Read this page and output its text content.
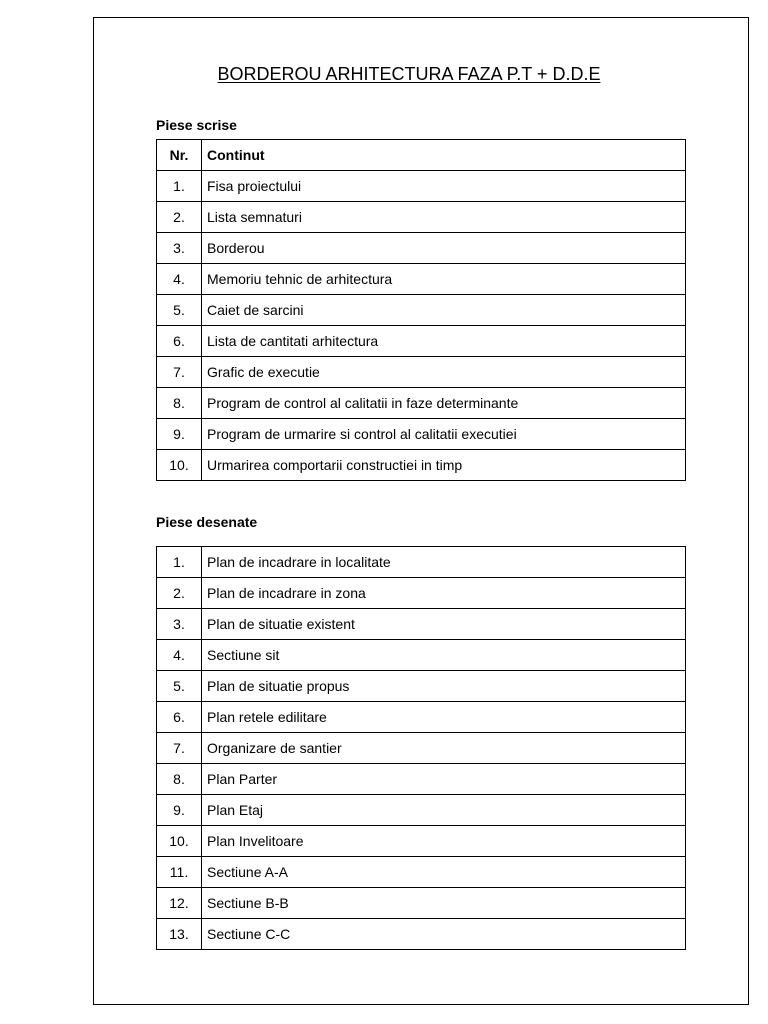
BORDEROU ARHITECTURA FAZA P.T + D.D.E
Piese scrise
Nr.	Continut
1.	Fisa proiectului
2.	Lista semnaturi
3.	Borderou
4.	Memoriu tehnic de arhitectura
5.	Caiet de sarcini
6.	Lista de cantitati arhitectura
7.	Grafic de executie
8.	Program de control al calitatii in faze determinante
9.	Program de urmarire si control al calitatii executiei
10.	Urmarirea comportarii constructiei in timp
Piese desenate
1.	Plan de incadrare in localitate
2.	Plan de incadrare in zona
3.	Plan de situatie existent
4.	Sectiune sit
5.	Plan de situatie propus
6.	Plan retele edilitare
7.	Organizare de santier
8.	Plan Parter
9.	Plan Etaj
10.	Plan Invelitoare
11.	Sectiune A-A
12.	Sectiune B-B
13.	Sectiune C-C
